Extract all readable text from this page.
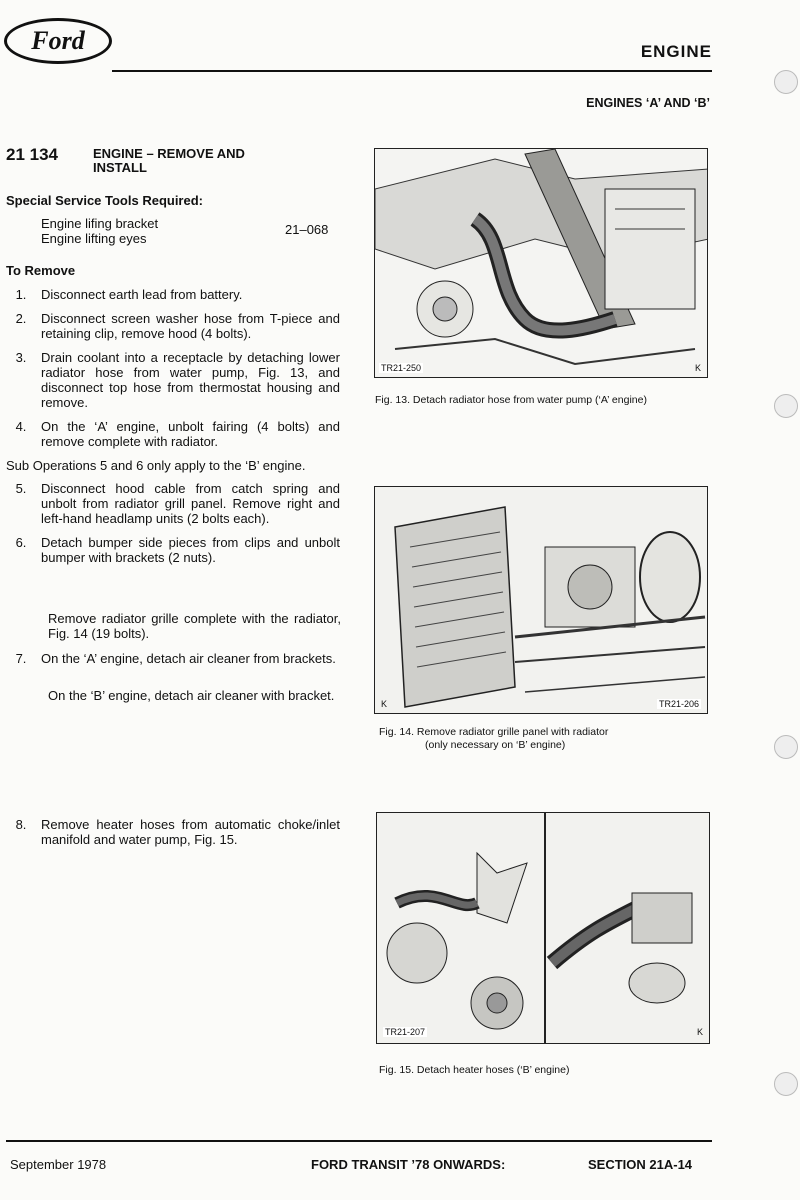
Ford	ENGINE
ENGINES ‘A’ AND ‘B’
21 134	ENGINE – REMOVE AND
INSTALL
Special Service Tools Required:
Engine lifing bracket
Engine lifting eyes
21–068
To Remove
1.	Disconnect earth lead from battery.
2.	Disconnect screen washer hose from T-piece and retaining clip, remove hood (4 bolts).
3.	Drain coolant into a receptacle by detaching lower radiator hose from water pump, Fig. 13, and disconnect top hose from thermostat housing and remove.
4.	On the ‘A’ engine, unbolt fairing (4 bolts) and remove complete with radiator.
Sub Operations 5 and 6 only apply to the ‘B’ engine.
5.	Disconnect hood cable from catch spring and unbolt from radiator grill panel. Remove right and left-hand headlamp units (2 bolts each).
6.	Detach bumper side pieces from clips and unbolt bumper with brackets (2 nuts).
Remove radiator grille complete with the radiator, Fig. 14 (19 bolts).
7.	On the ‘A’ engine, detach air cleaner from brackets.
On the ‘B’ engine, detach air cleaner with bracket.
8.	Remove heater hoses from automatic choke/inlet manifold and water pump, Fig. 15.
TR21-250	K
Fig. 13. Detach radiator hose from water pump (‘A’ engine)
K	TR21-206
Fig. 14. Remove radiator grille panel with radiator
(only necessary on ‘B’ engine)
TR21-207	K
Fig. 15. Detach heater hoses (‘B’ engine)
September 1978	FORD TRANSIT ’78 ONWARDS:	SECTION 21A-14
